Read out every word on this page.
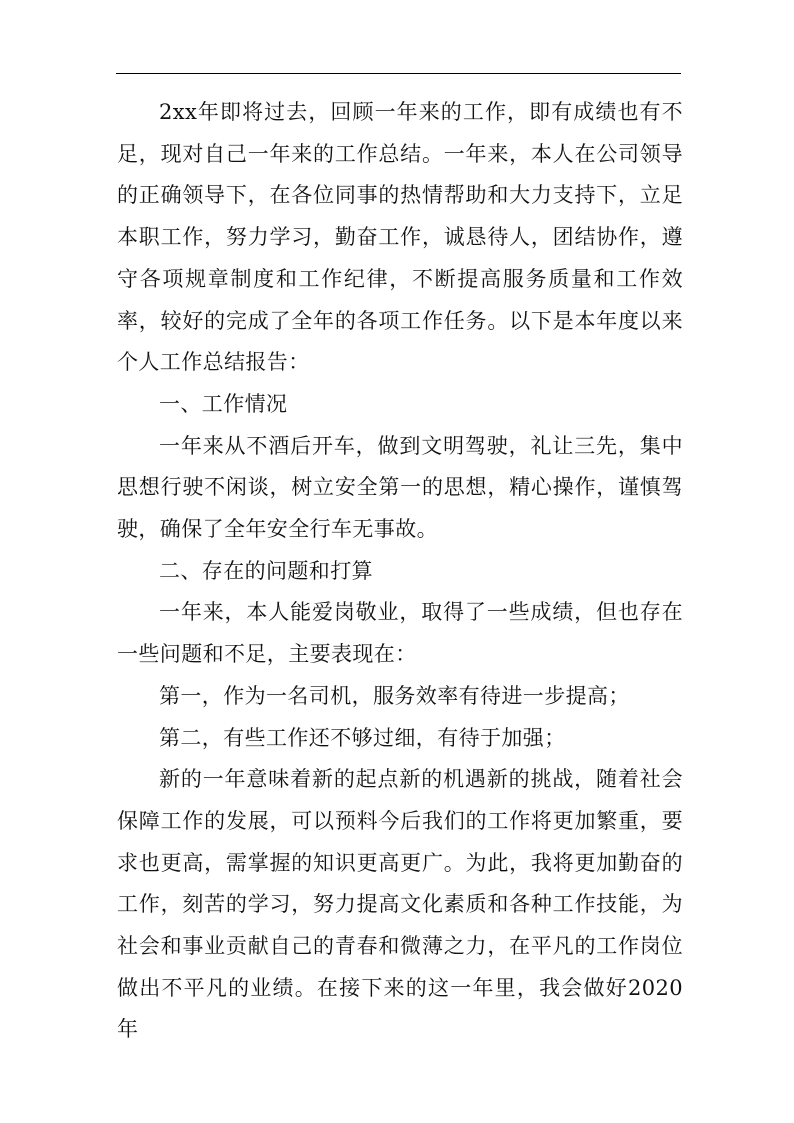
2xx年即将过去，回顾一年来的工作，即有成绩也有不足，现对自己一年来的工作总结。一年来，本人在公司领导的正确领导下，在各位同事的热情帮助和大力支持下，立足本职工作，努力学习，勤奋工作，诚恳待人，团结协作，遵守各项规章制度和工作纪律，不断提高服务质量和工作效率，较好的完成了全年的各项工作任务。以下是本年度以来个人工作总结报告：

一、工作情况

一年来从不酒后开车，做到文明驾驶，礼让三先，集中思想行驶不闲谈，树立安全第一的思想，精心操作，谨慎驾驶，确保了全年安全行车无事故。

二、存在的问题和打算

一年来，本人能爱岗敬业，取得了一些成绩，但也存在一些问题和不足，主要表现在：

第一，作为一名司机，服务效率有待进一步提高；

第二，有些工作还不够过细，有待于加强；

新的一年意味着新的起点新的机遇新的挑战，随着社会保障工作的发展，可以预料今后我们的工作将更加繁重，要求也更高，需掌握的知识更高更广。为此，我将更加勤奋的工作，刻苦的学习，努力提高文化素质和各种工作技能，为社会和事业贡献自己的青春和微薄之力，在平凡的工作岗位做出不平凡的业绩。在接下来的这一年里，我会做好2020年
